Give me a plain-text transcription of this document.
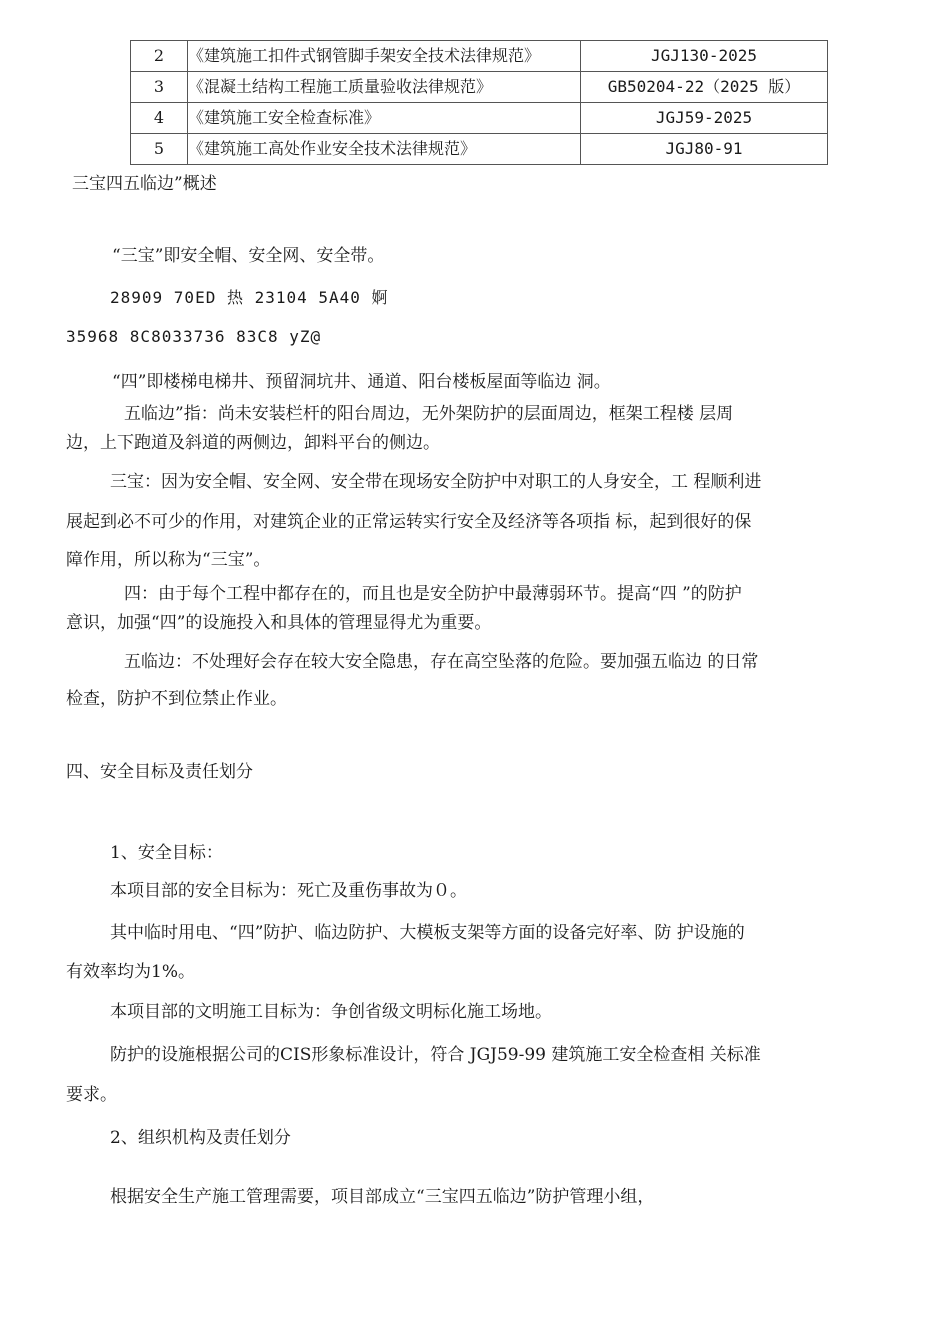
2	《建筑施工扣件式钢管脚手架安全技术法律规范》	JGJ130-2025
3	《混凝土结构工程施工质量验收法律规范》	GB50204-22（2025 版）
4	《建筑施工安全检查标准》	JGJ59-2025
5	《建筑施工高处作业安全技术法律规范》	JGJ80-91
三宝四五临边”概述
“三宝”即安全帽、安全网、安全带。
28909 70ED 热 23104 5A40 婀
35968 8C8033736 83C8 yZ@
“四”即楼梯电梯井、预留洞坑井、通道、阳台楼板屋面等临边 洞。
五临边”指：尚未安装栏杆的阳台周边，无外架防护的层面周边，框架工程楼 层周
边，上下跑道及斜道的两侧边，卸料平台的侧边。
三宝：因为安全帽、安全网、安全带在现场安全防护中对职工的人身安全，工 程顺利进
展起到必不可少的作用，对建筑企业的正常运转实行安全及经济等各项指 标，起到很好的保
障作用，所以称为“三宝”。
四：由于每个工程中都存在的，而且也是安全防护中最薄弱环节。提高“四 ”的防护
意识，加强“四”的设施投入和具体的管理显得尤为重要。
五临边：不处理好会存在较大安全隐患，存在高空坠落的危险。要加强五临边 的日常
检查，防护不到位禁止作业。
四、安全目标及责任划分
1、安全目标：
本项目部的安全目标为：死亡及重伤事故为０。
其中临时用电、“四”防护、临边防护、大模板支架等方面的设备完好率、防 护设施的
有效率均为1%。
本项目部的文明施工目标为：争创省级文明标化施工场地。
防护的设施根据公司的CIS形象标准设计，符合 JGJ59-99 建筑施工安全检查相 关标准
要求。
2、组织机构及责任划分
根据安全生产施工管理需要，项目部成立“三宝四五临边”防护管理小组，
